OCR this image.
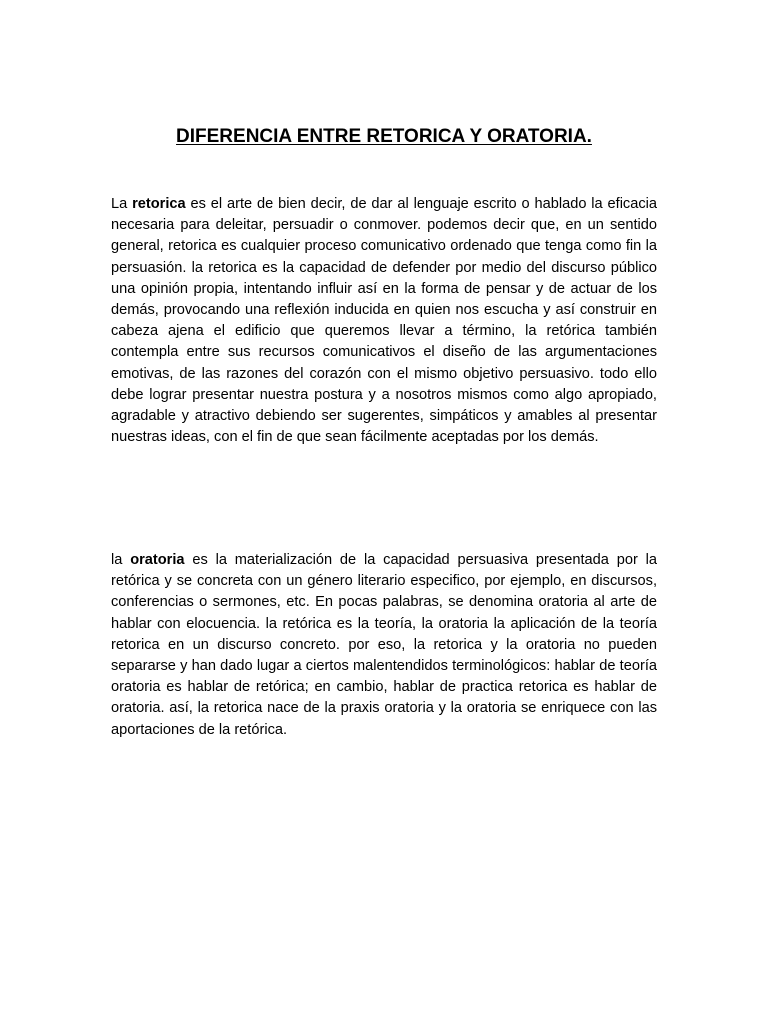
DIFERENCIA ENTRE RETORICA Y ORATORIA.

La retorica es el arte de bien decir, de dar al lenguaje escrito o hablado la eficacia necesaria para deleitar, persuadir o conmover. podemos decir que, en un sentido general, retorica es cualquier proceso comunicativo ordenado que tenga como fin la persuasión. la retorica es la capacidad de defender por medio del discurso público una opinión propia, intentando influir así en la forma de pensar y de actuar de los demás, provocando una reflexión inducida en quien nos escucha y así construir en cabeza ajena el edificio que queremos llevar a término, la retórica también contempla entre sus recursos comunicativos el diseño de las argumentaciones emotivas, de las razones del corazón con el mismo objetivo persuasivo. todo ello debe lograr presentar nuestra postura y a nosotros mismos como algo apropiado, agradable y atractivo debiendo ser sugerentes, simpáticos y amables al presentar nuestras ideas, con el fin de que sean fácilmente aceptadas por los demás.

la oratoria es la materialización de la capacidad persuasiva presentada por la retórica y se concreta con un género literario especifico, por ejemplo, en discursos, conferencias o sermones, etc. En pocas palabras, se denomina oratoria al arte de hablar con elocuencia. la retórica es la teoría, la oratoria la aplicación de la teoría retorica en un discurso concreto. por eso, la retorica y la oratoria no pueden separarse y han dado lugar a ciertos malentendidos terminológicos: hablar de teoría oratoria es hablar de retórica; en cambio, hablar de practica retorica es hablar de oratoria. así, la retorica nace de la praxis oratoria y la oratoria se enriquece con las aportaciones de la retórica.
